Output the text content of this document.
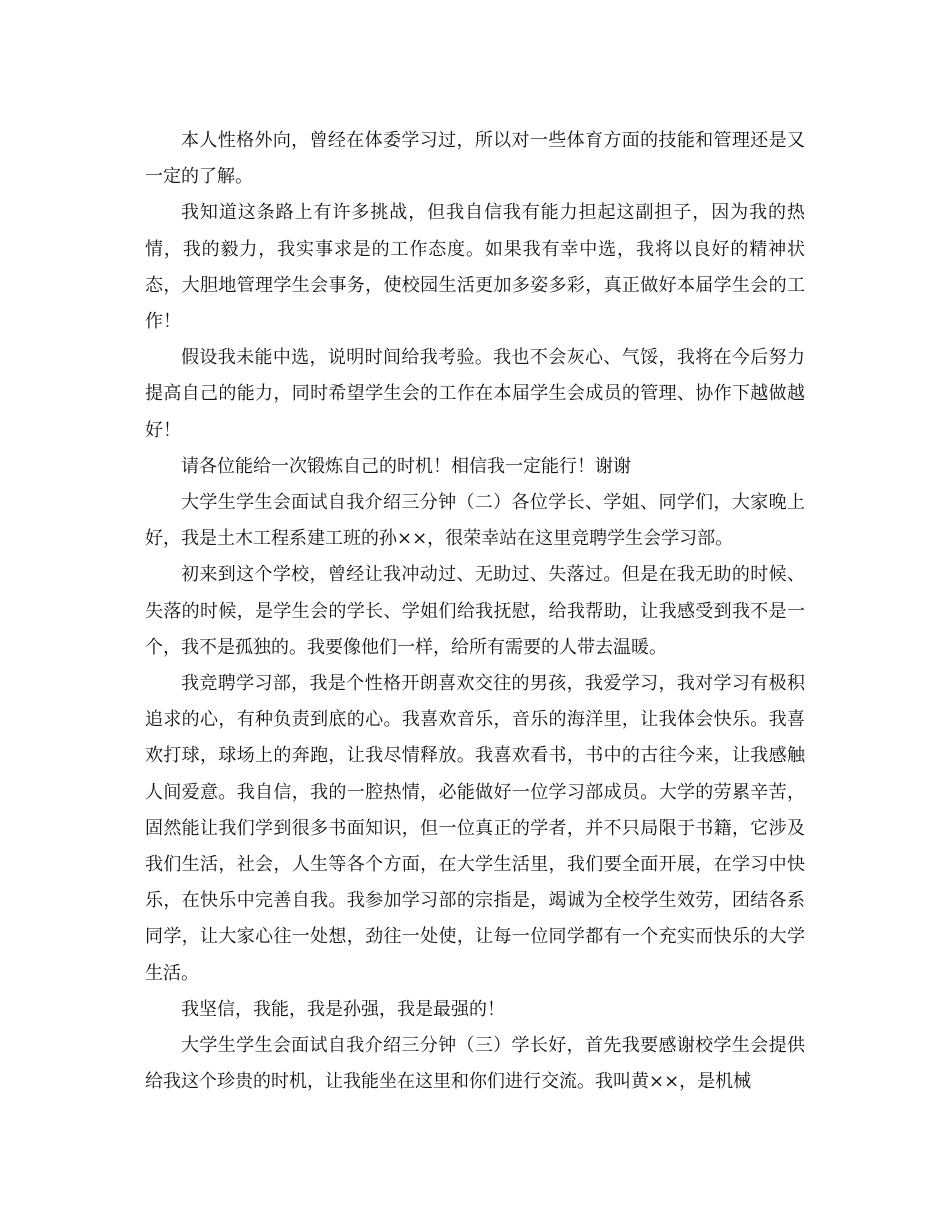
本人性格外向，曾经在体委学习过，所以对一些体育方面的技能和管理还是又一定的了解。

我知道这条路上有许多挑战，但我自信我有能力担起这副担子，因为我的热情，我的毅力，我实事求是的工作态度。如果我有幸中选，我将以良好的精神状态，大胆地管理学生会事务，使校园生活更加多姿多彩，真正做好本届学生会的工作！

假设我未能中选，说明时间给我考验。我也不会灰心、气馁，我将在今后努力提高自己的能力，同时希望学生会的工作在本届学生会成员的管理、协作下越做越好！

请各位能给一次锻炼自己的时机！相信我一定能行！谢谢

大学生学生会面试自我介绍三分钟（二）各位学长、学姐、同学们，大家晚上好，我是土木工程系建工班的孙××，很荣幸站在这里竞聘学生会学习部。

初来到这个学校，曾经让我冲动过、无助过、失落过。但是在我无助的时候、失落的时候，是学生会的学长、学姐们给我抚慰，给我帮助，让我感受到我不是一个，我不是孤独的。我要像他们一样，给所有需要的人带去温暖。

我竞聘学习部，我是个性格开朗喜欢交往的男孩，我爱学习，我对学习有极积追求的心，有种负责到底的心。我喜欢音乐，音乐的海洋里，让我体会快乐。我喜欢打球，球场上的奔跑，让我尽情释放。我喜欢看书，书中的古往今来，让我感触人间爱意。我自信，我的一腔热情，必能做好一位学习部成员。大学的劳累辛苦，固然能让我们学到很多书面知识，但一位真正的学者，并不只局限于书籍，它涉及我们生活，社会，人生等各个方面，在大学生活里，我们要全面开展，在学习中快乐，在快乐中完善自我。我参加学习部的宗指是，竭诚为全校学生效劳，团结各系同学，让大家心往一处想，劲往一处使，让每一位同学都有一个充实而快乐的大学生活。

我坚信，我能，我是孙强，我是最强的！

大学生学生会面试自我介绍三分钟（三）学长好，首先我要感谢校学生会提供给我这个珍贵的时机，让我能坐在这里和你们进行交流。我叫黄××，是机械
